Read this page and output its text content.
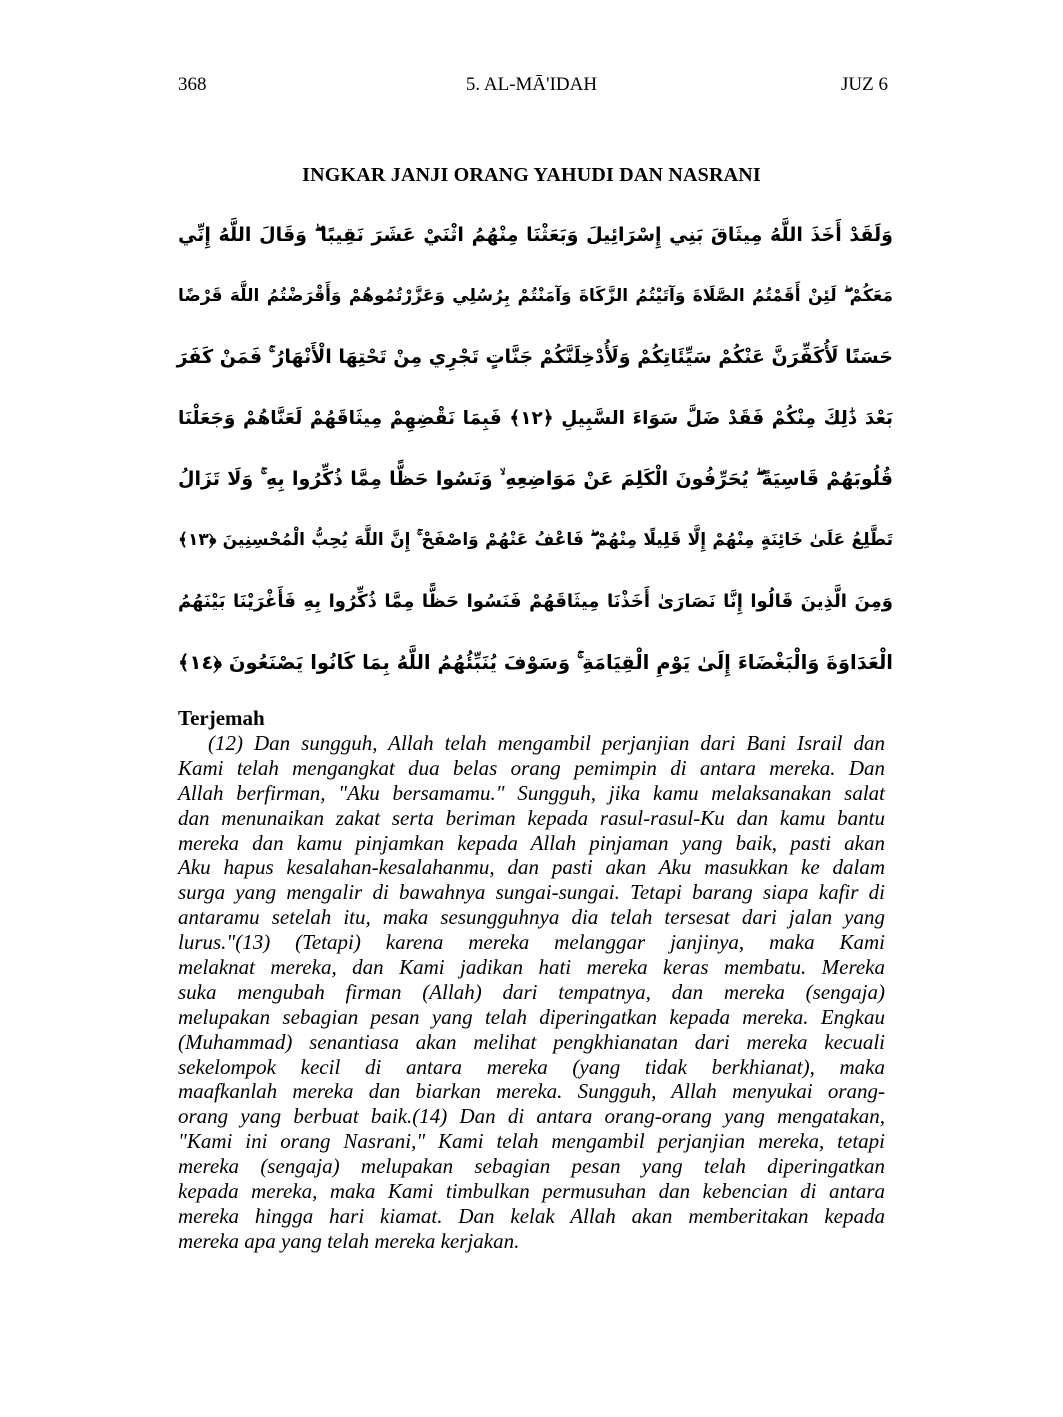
368	5. AL-MĀ'IDAH	JUZ 6
INGKAR JANJI ORANG YAHUDI DAN NASRANI
وَلَقَدْ أَخَذَ اللَّهُ مِيثَاقَ بَنِي إِسْرَائِيلَ وَبَعَثْنَا مِنْهُمُ اثْنَيْ عَشَرَ نَقِيبًا ۖ وَقَالَ اللَّهُ إِنِّي
مَعَكُمْ ۖ لَئِنْ أَقَمْتُمُ الصَّلَاةَ وَآتَيْتُمُ الزَّكَاةَ وَآمَنْتُمْ بِرُسُلِي وَعَزَّرْتُمُوهُمْ وَأَقْرَضْتُمُ اللَّهَ قَرْضًا
حَسَنًا لَأُكَفِّرَنَّ عَنْكُمْ سَيِّئَاتِكُمْ وَلَأُدْخِلَنَّكُمْ جَنَّاتٍ تَجْرِي مِنْ تَحْتِهَا الْأَنْهَارُ ۚ فَمَنْ كَفَرَ
بَعْدَ ذَٰلِكَ مِنْكُمْ فَقَدْ ضَلَّ سَوَاءَ السَّبِيلِ ﴿١٢﴾ فَبِمَا نَقْضِهِمْ مِيثَاقَهُمْ لَعَنَّاهُمْ وَجَعَلْنَا
قُلُوبَهُمْ قَاسِيَةً ۖ يُحَرِّفُونَ الْكَلِمَ عَنْ مَوَاضِعِهِ ۙ وَنَسُوا حَظًّا مِمَّا ذُكِّرُوا بِهِ ۚ وَلَا تَزَالُ
تَطَّلِعُ عَلَىٰ خَائِنَةٍ مِنْهُمْ إِلَّا قَلِيلًا مِنْهُمْ ۖ فَاعْفُ عَنْهُمْ وَاصْفَحْ ۚ إِنَّ اللَّهَ يُحِبُّ الْمُحْسِنِينَ ﴿١٣﴾
وَمِنَ الَّذِينَ قَالُوا إِنَّا نَصَارَىٰ أَخَذْنَا مِيثَاقَهُمْ فَنَسُوا حَظًّا مِمَّا ذُكِّرُوا بِهِ فَأَغْرَيْنَا بَيْنَهُمُ
الْعَدَاوَةَ وَالْبَغْضَاءَ إِلَىٰ يَوْمِ الْقِيَامَةِ ۚ وَسَوْفَ يُنَبِّئُهُمُ اللَّهُ بِمَا كَانُوا يَصْنَعُونَ ﴿١٤﴾
Terjemah
(12) Dan sungguh, Allah telah mengambil perjanjian dari Bani Israil dan
Kami telah mengangkat dua belas orang pemimpin di antara mereka. Dan
Allah berfirman, "Aku bersamamu." Sungguh, jika kamu melaksanakan salat
dan menunaikan zakat serta beriman kepada rasul-rasul-Ku dan kamu bantu
mereka dan kamu pinjamkan kepada Allah pinjaman yang baik, pasti akan
Aku hapus kesalahan-kesalahanmu, dan pasti akan Aku masukkan ke dalam
surga yang mengalir di bawahnya sungai-sungai. Tetapi barang siapa kafir di
antaramu setelah itu, maka sesungguhnya dia telah tersesat dari jalan yang
lurus."(13) (Tetapi) karena mereka melanggar janjinya, maka Kami
melaknat mereka, dan Kami jadikan hati mereka keras membatu. Mereka
suka mengubah firman (Allah) dari tempatnya, dan mereka (sengaja)
melupakan sebagian pesan yang telah diperingatkan kepada mereka. Engkau
(Muhammad) senantiasa akan melihat pengkhianatan dari mereka kecuali
sekelompok kecil di antara mereka (yang tidak berkhianat), maka
maafkanlah mereka dan biarkan mereka. Sungguh, Allah menyukai orang-
orang yang berbuat baik.(14) Dan di antara orang-orang yang mengatakan,
"Kami ini orang Nasrani," Kami telah mengambil perjanjian mereka, tetapi
mereka (sengaja) melupakan sebagian pesan yang telah diperingatkan
kepada mereka, maka Kami timbulkan permusuhan dan kebencian di antara
mereka hingga hari kiamat. Dan kelak Allah akan memberitakan kepada
mereka apa yang telah mereka kerjakan.
